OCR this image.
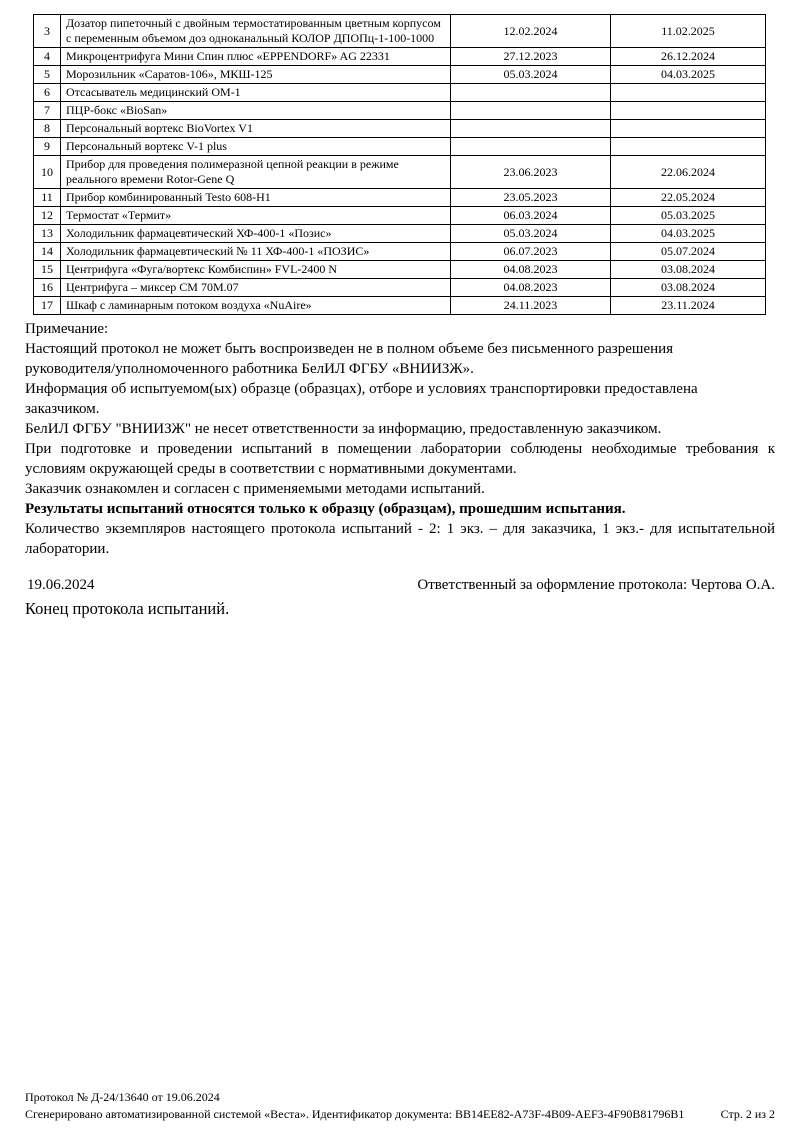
3	Дозатор пипеточный с двойным термостатированным цветным корпусом с переменным объемом доз одноканальный КОЛОР ДПОПц-1-100-1000	12.02.2024	11.02.2025
4	Микроцентрифуга Мини Спин плюс «EPPENDORF» AG 22331	27.12.2023	26.12.2024
5	Морозильник «Саратов-106», МКШ-125	05.03.2024	04.03.2025
6	Отсасыватель медицинский ОМ-1		
7	ПЦР-бокс «BioSan»		
8	Персональный вортекс BioVortex V1		
9	Персональный вортекс V-1 plus		
10	Прибор для проведения полимеразной цепной реакции в режиме реального времени Rotor-Gene Q	23.06.2023	22.06.2024
11	Прибор комбинированный Testo 608-H1	23.05.2023	22.05.2024
12	Термостат «Термит»	06.03.2024	05.03.2025
13	Холодильник фармацевтический ХФ-400-1 «Позис»	05.03.2024	04.03.2025
14	Холодильник фармацевтический № 11 ХФ-400-1 «ПОЗИС»	06.07.2023	05.07.2024
15	Центрифуга «Фуга/вортекс Комбиспин» FVL-2400 N	04.08.2023	03.08.2024
16	Центрифуга – миксер СМ 70М.07	04.08.2023	03.08.2024
17	Шкаф с ламинарным потоком воздуха «NuAire»	24.11.2023	23.11.2024
Примечание:
Настоящий протокол не может быть воспроизведен не в полном объеме без письменного разрешения
руководителя/уполномоченного работника БелИЛ ФГБУ «ВНИИЗЖ».
Информация об испытуемом(ых) образце (образцах), отборе и условиях транспортировки предоставлена заказчиком.
БелИЛ ФГБУ "ВНИИЗЖ" не несет ответственности за информацию, предоставленную заказчиком.
При подготовке и проведении испытаний в помещении лаборатории соблюдены необходимые требования к
условиям окружающей среды в соответствии с нормативными документами.
Заказчик ознакомлен и согласен с применяемыми методами испытаний.
Результаты испытаний относятся только к образцу (образцам), прошедшим испытания.
Количество экземпляров настоящего протокола испытаний - 2: 1 экз. – для заказчика, 1 экз.- для испытательной
лаборатории.
19.06.2024	Ответственный за оформление протокола: Чертова О.А.
Конец протокола испытаний.
Протокол № Д-24/13640 от 19.06.2024
Сгенерировано автоматизированной системой «Веста». Идентификатор документа: BB14EE82-A73F-4B09-AEF3-4F90B81796B1	Стр. 2 из 2
